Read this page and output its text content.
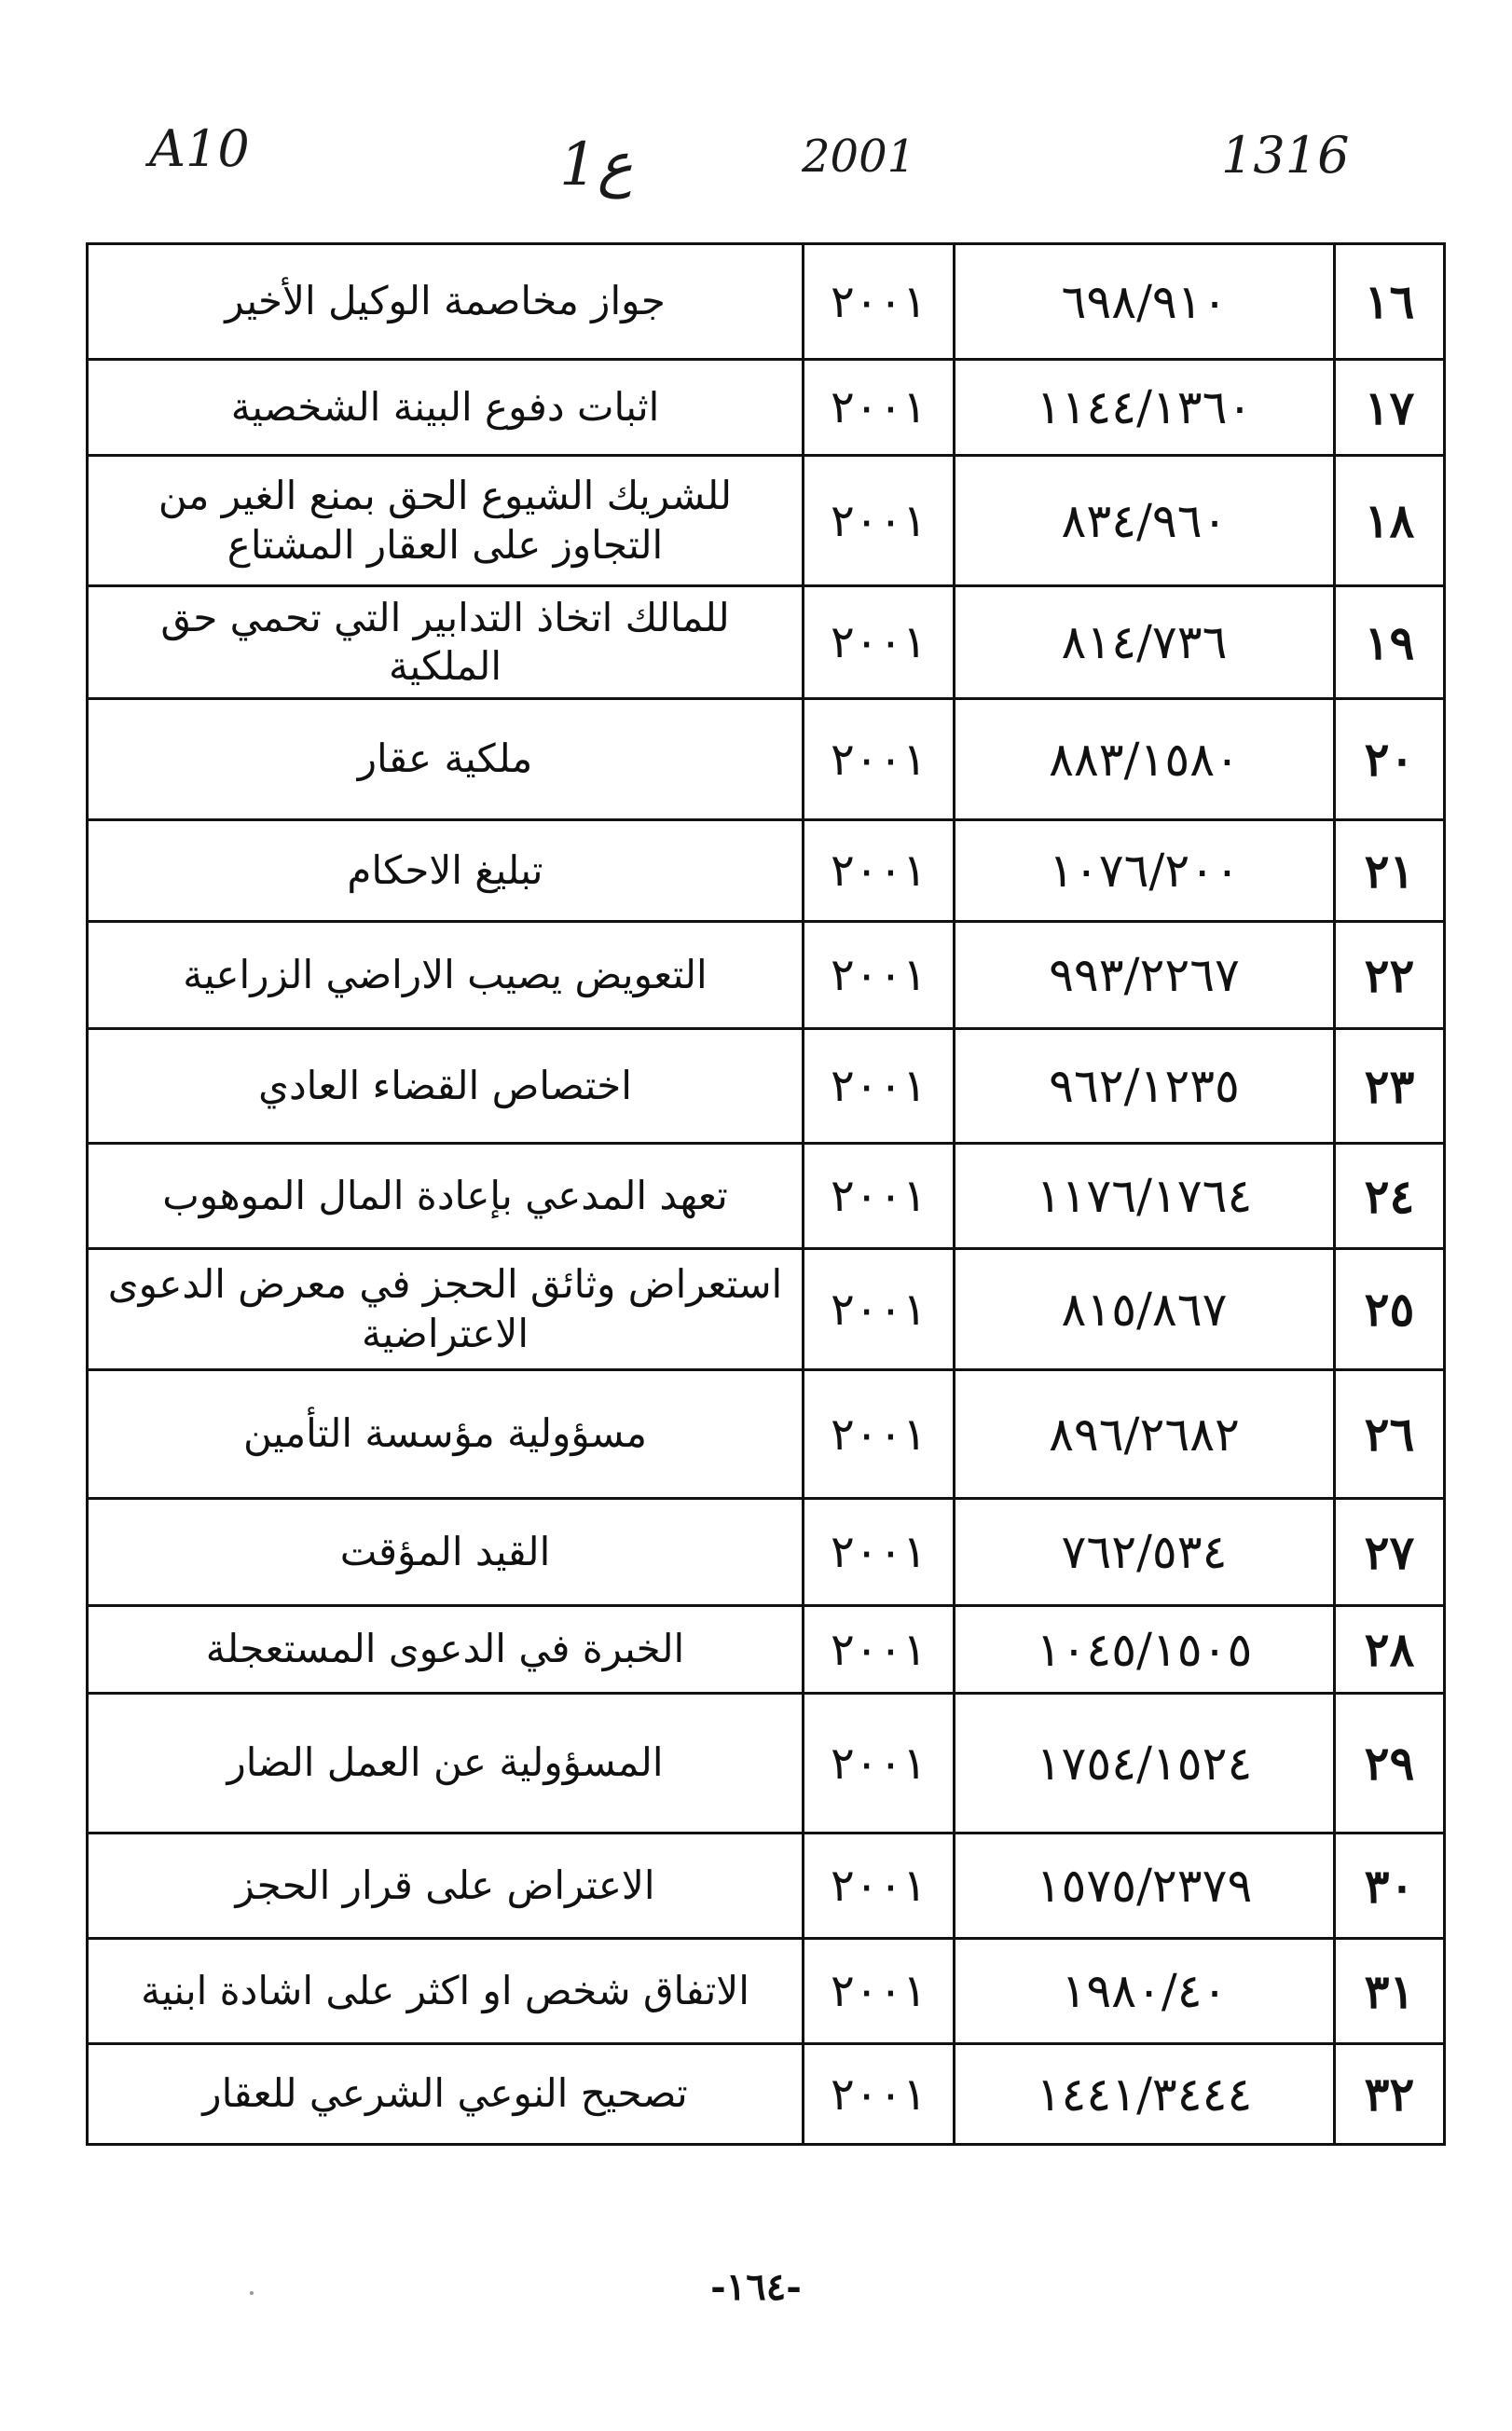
A10	1ع	2001	1316
١٦	٦٩٨/٩١٠	٢٠٠١	جواز مخاصمة الوكيل الأخير
١٧	١١٤٤/١٣٦٠	٢٠٠١	اثبات دفوع البينة الشخصية
١٨	٨٣٤/٩٦٠	٢٠٠١	للشريك الشيوع الحق بمنع الغير من التجاوز على العقار المشتاع
١٩	٨١٤/٧٣٦	٢٠٠١	للمالك اتخاذ التدابير التي تحمي حق الملكية
٢٠	٨٨٣/١٥٨٠	٢٠٠١	ملكية عقار
٢١	١٠٧٦/٢٠٠	٢٠٠١	تبليغ الاحكام
٢٢	٩٩٣/٢٢٦٧	٢٠٠١	التعويض يصيب الاراضي الزراعية
٢٣	٩٦٢/١٢٣٥	٢٠٠١	اختصاص القضاء العادي
٢٤	١١٧٦/١٧٦٤	٢٠٠١	تعهد المدعي بإعادة المال الموهوب
٢٥	٨١٥/٨٦٧	٢٠٠١	استعراض وثائق الحجز في معرض الدعوى الاعتراضية
٢٦	٨٩٦/٢٦٨٢	٢٠٠١	مسؤولية مؤسسة التأمين
٢٧	٧٦٢/٥٣٤	٢٠٠١	القيد المؤقت
٢٨	١٠٤٥/١٥٠٥	٢٠٠١	الخبرة في الدعوى المستعجلة
٢٩	١٧٥٤/١٥٢٤	٢٠٠١	المسؤولية عن العمل الضار
٣٠	١٥٧٥/٢٣٧٩	٢٠٠١	الاعتراض على قرار الحجز
٣١	١٩٨٠/٤٠	٢٠٠١	الاتفاق شخص او اكثر على اشادة ابنية
٣٢	١٤٤١/٣٤٤٤	٢٠٠١	تصحيح النوعي الشرعي للعقار
-١٦٤-
